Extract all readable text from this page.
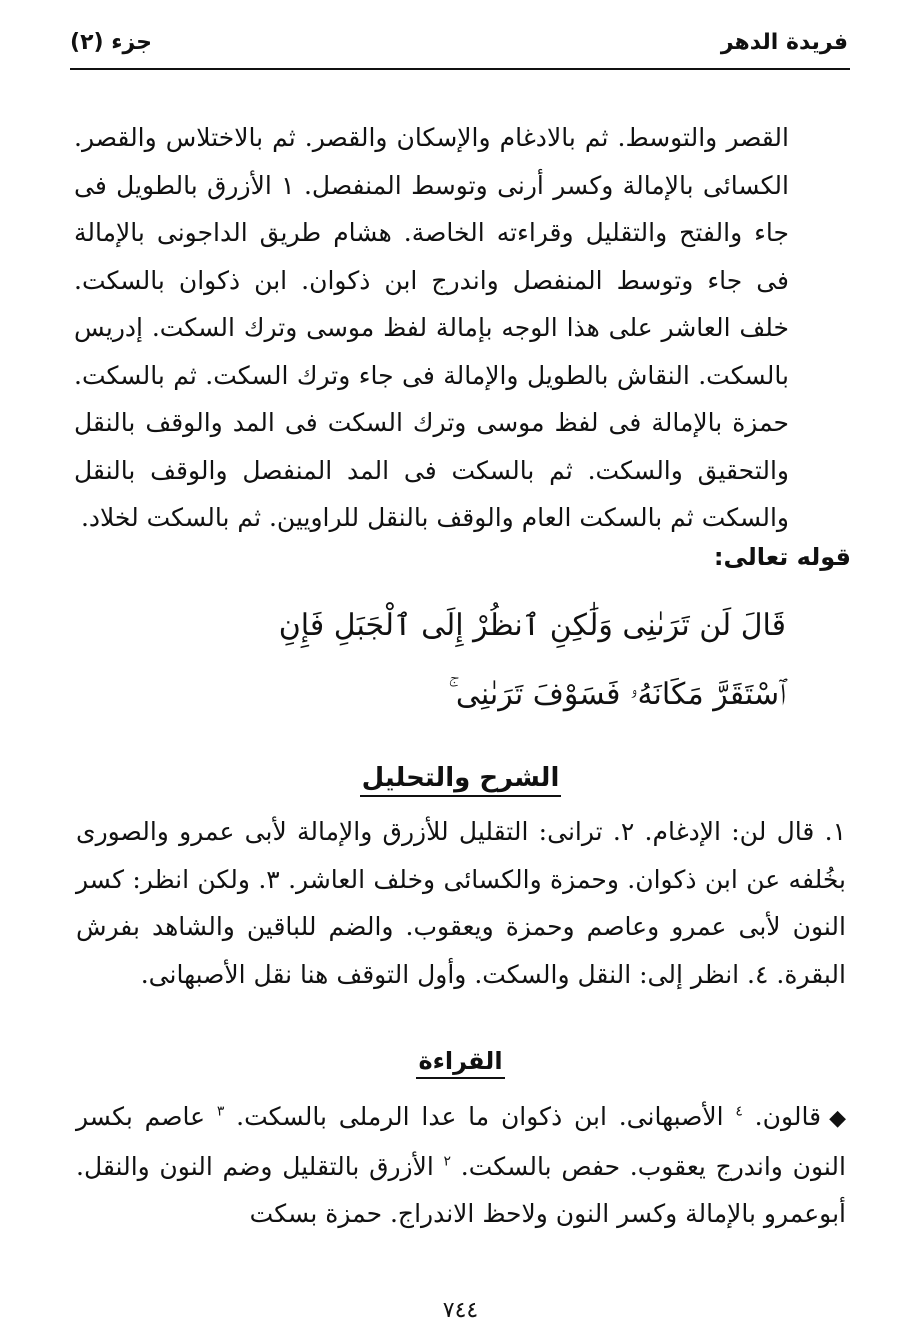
فريدة الدهر
جزء (٢)
القصر والتوسط. ثم بالادغام والإسكان والقصر. ثم بالاختلاس والقصر. الكسائى بالإمالة وكسر أرنى وتوسط المنفصل. ١ الأزرق بالطويل فى جاء والفتح والتقليل وقراءته الخاصة. هشام طريق الداجونى بالإمالة فى جاء وتوسط المنفصل واندرج ابن ذكوان. ابن ذكوان بالسكت. خلف العاشر على هذا الوجه بإمالة لفظ موسى وترك السكت. إدريس بالسكت. النقاش بالطويل والإمالة فى جاء وترك السكت. ثم بالسكت. حمزة بالإمالة فى لفظ موسى وترك السكت فى المد والوقف بالنقل والتحقيق والسكت. ثم بالسكت فى المد المنفصل والوقف بالنقل والسكت ثم بالسكت العام والوقف بالنقل للراويين. ثم بالسكت لخلاد.
قوله تعالى:
قَالَ لَن تَرَىٰنِى وَلَٰكِنِ ٱنظُرْ إِلَى ٱلْجَبَلِ فَإِنِ
ٱسْتَقَرَّ مَكَانَهُۥ فَسَوْفَ تَرَىٰنِى ۚ
الشرح والتحليل
١. قال لن: الإدغام. ٢. ترانى: التقليل للأزرق والإمالة لأبى عمرو والصورى بخُلفه عن ابن ذكوان. وحمزة والكسائى وخلف العاشر. ٣. ولكن انظر: كسر النون لأبى عمرو وعاصم وحمزة ويعقوب. والضم للباقين والشاهد بفرش البقرة. ٤. انظر إلى: النقل والسكت. وأول التوقف هنا نقل الأصبهانى.
القراءة
◆قالون. $^٤$ الأصبهانى. ابن ذكوان ما عدا الرملى بالسكت. $^٣$ عاصم بكسر النون واندرج يعقوب. حفص بالسكت. $^٢$ الأزرق بالتقليل وضم النون والنقل. أبوعمرو بالإمالة وكسر النون ولاحظ الاندراج. حمزة بسكت
٧٤٤
